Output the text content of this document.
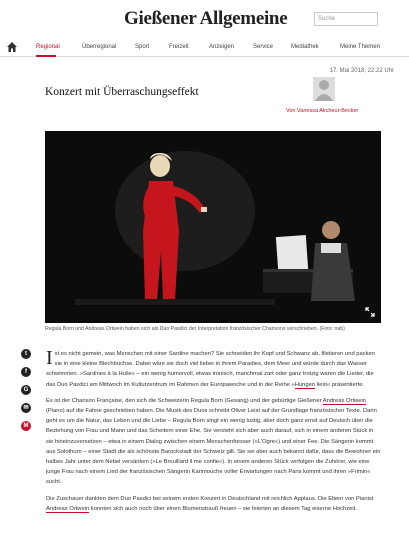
Gießener Allgemeine	Suche
Regional	Überregional	Sport	Freizeit	Anzeigen	Service	Mediathek	Meine Themen
17. Mai 2018, 22:22 Uhr
Konzert mit Überraschungseffekt
Von Vanessa Akcheur-Becker
Regula Born und Andreas Ortwein haben sich als Duo Pasdici der Interpretation französischer Chansons verschrieben. (Foto: nab)
t
f
G
✉
M

Ist es nicht gemein, was Menschen mit einer Sardine machen? Sie schneiden ihr Kopf und Schwanz ab, filetieren und packen sie in eine kleine Blechbüchse. Dabei wäre sie doch viel lieber in ihrem Paradies, dem Meer und würde durch das Wasser schwimmen. »Sardines à la Huile« – ein wenig humorvoll, etwas ironisch, manchmal zart oder ganz trotzig waren die Lieder, die das Duo Pasdici am Mittwoch im Kulturzentrum im Rahmen der Europawoche und in der Reihe »Hungen liest« präsentierte.

Es ist der Chanson Française, den sich die Schweizerin Regula Born (Gesang) und der gebürtige Gießener Andreas Ortwein (Piano) auf die Fahne geschrieben haben. Die Musik des Duos schreibt Oliver Leist auf der Grundlage französischer Texte. Darin geht es um die Natur, das Leben und die Liebe – Regula Born singt ein wenig lustig, aber doch ganz ernst auf Deutsch über die Beziehung von Frau und Mann und das Scheitern einer Ehe. Sie versteht sich aber auch darauf, sich in einem anderen Stück in sie hineinzuversetzen – etwa in einem Dialog zwischen einem Menschenfresser (»L'Ogre«) und einer Fee. Die Sängerin kommt aus Solothurn – einer Stadt die als schönste Barockstadt der Schweiz gilt. Sie sei aber auch bekannt dafür, dass die Bewohner ein halbes Jahr unter dem Nebel versänken (»Le Brouillard il me confie«). In einem anderen Stück verfolgen die Zuhörer, wie eine junge Frau nach einem Lied der französischen Sängerin Karimouche voller Erwartungen nach Paris kommt und ihren »Frimin« sucht.

Die Zuschauer dankten dem Duo Pasdici bei seinem ersten Konzert in Deutschland mit reichlich Applaus. Die Eltern von Pianist Andreas Ortwein konnten sich auch noch über einen Blumenstrauß freuen – sie feierten an diesem Tag eiserne Hochzeit.
